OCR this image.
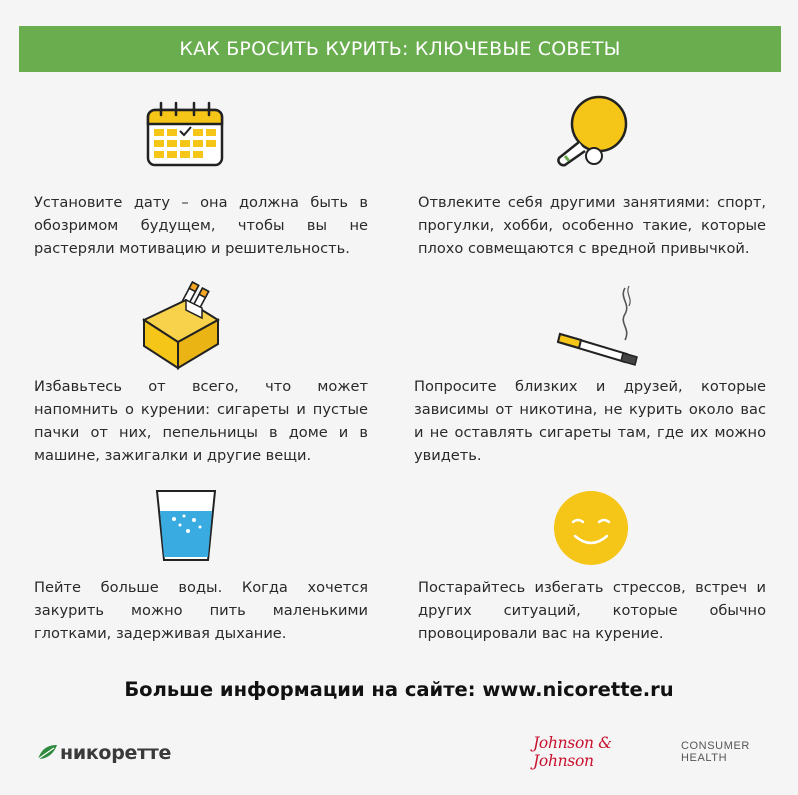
КАК БРОСИТЬ КУРИТЬ: КЛЮЧЕВЫЕ СОВЕТЫ
Установите дату – она должна быть в обозримом будущем, чтобы вы не растеряли мотивацию и решительность.
Отвлеките себя другими занятиями: спорт, прогулки, хобби, особенно такие, которые плохо совмещаются с вредной привычкой.
Избавьтесь от всего, что может напомнить о курении: сигареты и пустые пачки от них, пепельницы в доме и в машине, зажигалки и другие вещи.
Попросите близких и друзей, которые зависимы от никотина, не курить около вас и не оставлять сигареты там, где их можно увидеть.
Пейте больше воды. Когда хочется закурить можно пить маленькими глотками, задерживая дыхание.
Постарайтесь избегать стрессов, встреч и других ситуаций, которые обычно провоцировали вас на курение.
Больше информации на сайте: www.nicorette.ru
никоретте	Johnson & Johnson
CONSUMER HEALTH
